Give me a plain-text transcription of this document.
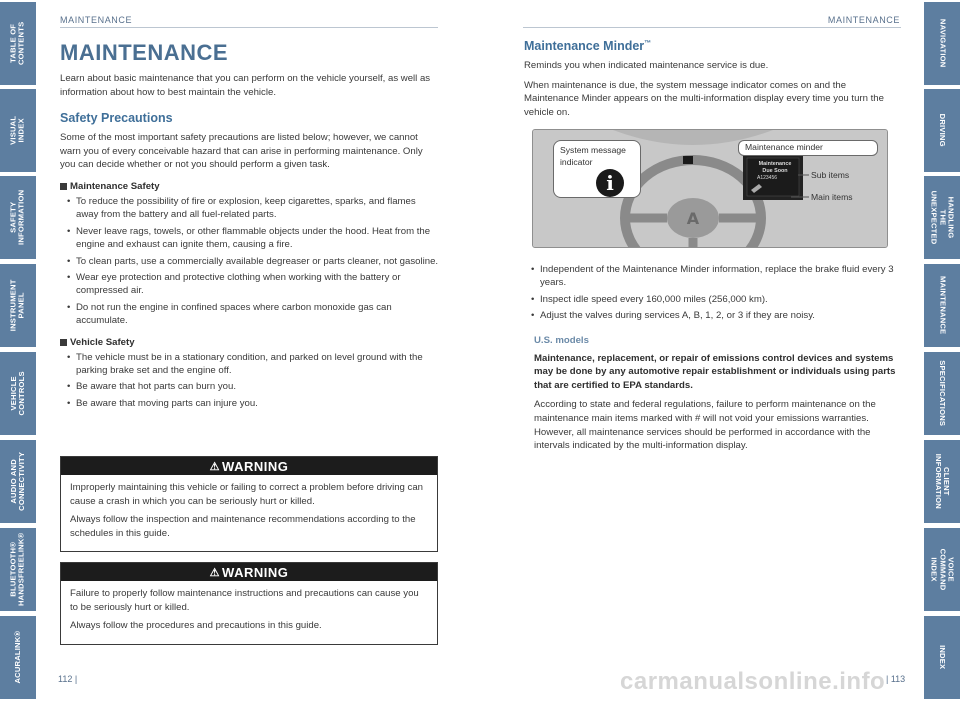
TABLE OF
CONTENTS
VISUAL INDEX
SAFETY
INFORMATION
INSTRUMENT
PANEL
VEHICLE
CONTROLS
AUDIO AND
CONNECTIVITY
BLUETOOTH®
HANDSFREELINK®
ACURALINK®
NAVIGATION
DRIVING
HANDLING THE
UNEXPECTED
MAINTENANCE
SPECIFICATIONS
CLIENT
INFORMATION
VOICE COMMAND
INDEX
INDEX
MAINTENANCE	MAINTENANCE
MAINTENANCE

Learn about basic maintenance that you can perform on the vehicle yourself, as well as information about how to best maintain the vehicle.

Safety Precautions

Some of the most important safety precautions are listed below; however, we cannot warn you of every conceivable hazard that can arise in performing maintenance. Only you can decide whether or not you should perform a given task.

Maintenance Safety
• To reduce the possibility of fire or explosion, keep cigarettes, sparks, and flames away from the battery and all fuel-related parts.
• Never leave rags, towels, or other flammable objects under the hood. Heat from the engine and exhaust can ignite them, causing a fire.
• To clean parts, use a commercially available degreaser or parts cleaner, not gasoline.
• Wear eye protection and protective clothing when working with the battery or compressed air.
• Do not run the engine in confined spaces where carbon monoxide gas can accumulate.
Vehicle Safety
• The vehicle must be in a stationary condition, and parked on level ground with the parking brake set and the engine off.
• Be aware that hot parts can burn you.
• Be aware that moving parts can injure you.
⚠ WARNING

Improperly maintaining this vehicle or failing to correct a problem before driving can cause a crash in which you can be seriously hurt or killed.

Always follow the inspection and maintenance recommendations according to the schedules in this guide.

⚠ WARNING

Failure to properly follow maintenance instructions and precautions can cause you to be seriously hurt or killed.

Always follow the procedures and precautions in this guide.

112 |
Maintenance Minder™

Reminds you when indicated maintenance service is due.

When maintenance is due, the system message indicator comes on and the Maintenance Minder appears on the multi-information display every time you turn the vehicle on.

A
System message
indicator
i
Maintenance minder
Maintenance
Due Soon
A123456	Sub items
Main items
• Independent of the Maintenance Minder information, replace the brake fluid every 3 years.
• Inspect idle speed every 160,000 miles (256,000 km).
• Adjust the valves during services A, B, 1, 2, or 3 if they are noisy.
U.S. models

Maintenance, replacement, or repair of emissions control devices and systems may be done by any automotive repair establishment or individuals using parts that are certified to EPA standards.

According to state and federal regulations, failure to perform maintenance on the maintenance main items marked with # will not void your emissions warranties. However, all maintenance services should be performed in accordance with the intervals indicated by the multi-information display.

| 113
carmanualsonline.info
